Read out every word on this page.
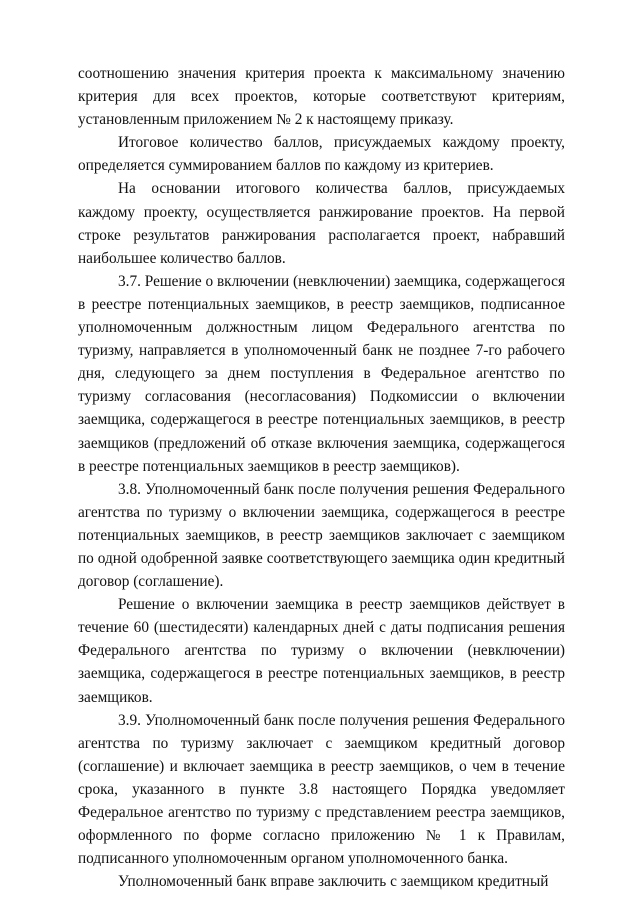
соотношению значения критерия проекта к максимальному значению критерия для всех проектов, которые соответствуют критериям, установленным приложением № 2 к настоящему приказу.

Итоговое количество баллов, присуждаемых каждому проекту, определяется суммированием баллов по каждому из критериев.

На основании итогового количества баллов, присуждаемых каждому проекту, осуществляется ранжирование проектов. На первой строке результатов ранжирования располагается проект, набравший наибольшее количество баллов.

3.7. Решение о включении (невключении) заемщика, содержащегося в реестре потенциальных заемщиков, в реестр заемщиков, подписанное уполномоченным должностным лицом Федерального агентства по туризму, направляется в уполномоченный банк не позднее 7-го рабочего дня, следующего за днем поступления в Федеральное агентство по туризму согласования (несогласования) Подкомиссии о включении заемщика, содержащегося в реестре потенциальных заемщиков, в реестр заемщиков (предложений об отказе включения заемщика, содержащегося в реестре потенциальных заемщиков в реестр заемщиков).

3.8. Уполномоченный банк после получения решения Федерального агентства по туризму о включении заемщика, содержащегося в реестре потенциальных заемщиков, в реестр заемщиков заключает с заемщиком по одной одобренной заявке соответствующего заемщика один кредитный договор (соглашение).

Решение о включении заемщика в реестр заемщиков действует в течение 60 (шестидесяти) календарных дней с даты подписания решения Федерального агентства по туризму о включении (невключении) заемщика, содержащегося в реестре потенциальных заемщиков, в реестр заемщиков.

3.9. Уполномоченный банк после получения решения Федерального агентства по туризму заключает с заемщиком кредитный договор (соглашение) и включает заемщика в реестр заемщиков, о чем в течение срока, указанного в пункте 3.8 настоящего Порядка уведомляет Федеральное агентство по туризму с представлением реестра заемщиков, оформленного по форме согласно приложению № 1 к Правилам, подписанного уполномоченным органом уполномоченного банка.

Уполномоченный банк вправе заключить с заемщиком кредитный
